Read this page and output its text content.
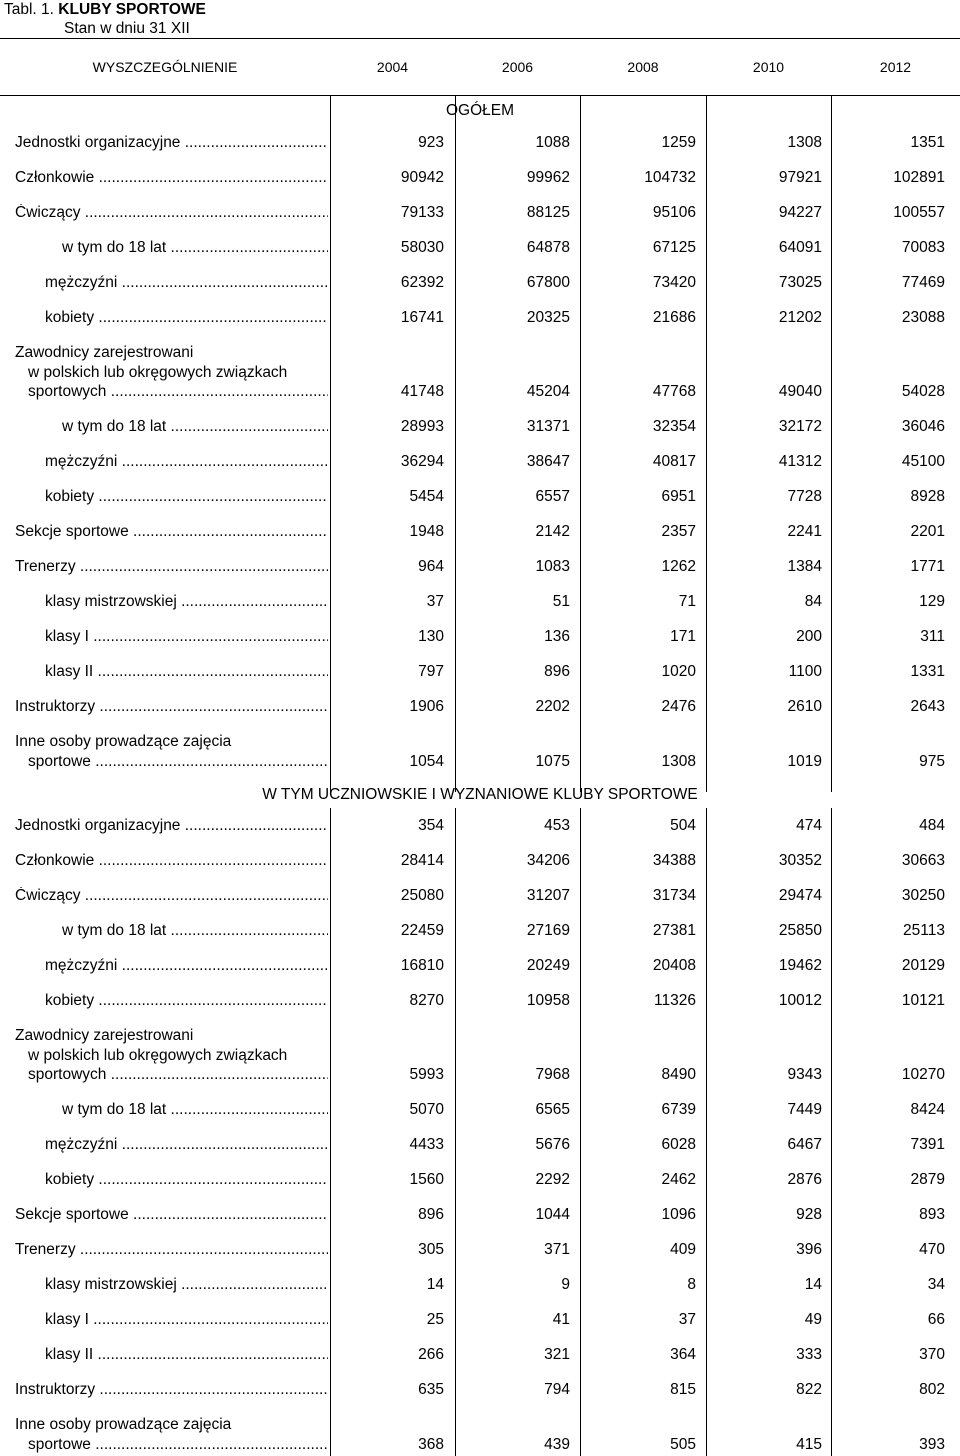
Tabl. 1. KLUBY SPORTOWE
Stan w dniu 31 XII
WYSZCZEGÓLNIENIE	2004	2006	2008	2010	2012
OGÓŁEM
Jednostki organizacyjne .....	923	1088	1259	1308	1351
Członkowie .....	90942	99962	104732	97921	102891
Ćwiczący .....	79133	88125	95106	94227	100557
w tym do 18 lat .....	58030	64878	67125	64091	70083
mężczyźni .....	62392	67800	73420	73025	77469
kobiety .....	16741	20325	21686	21202	23088
Zawodnicy zarejestrowani
w polskich lub okręgowych związkach
sportowych .....	41748	45204	47768	49040	54028
w tym do 18 lat .....	28993	31371	32354	32172	36046
mężczyźni .....	36294	38647	40817	41312	45100
kobiety .....	5454	6557	6951	7728	8928
Sekcje sportowe .....	1948	2142	2357	2241	2201
Trenerzy .....	964	1083	1262	1384	1771
klasy mistrzowskiej .....	37	51	71	84	129
klasy I .....	130	136	171	200	311
klasy II .....	797	896	1020	1100	1331
Instruktorzy .....	1906	2202	2476	2610	2643
Inne osoby prowadzące zajęcia
sportowe .....	1054	1075	1308	1019	975
W TYM UCZNIOWSKIE I WYZNANIOWE KLUBY SPORTOWE
Jednostki organizacyjne .....	354	453	504	474	484
Członkowie .....	28414	34206	34388	30352	30663
Ćwiczący .....	25080	31207	31734	29474	30250
w tym do 18 lat .....	22459	27169	27381	25850	25113
mężczyźni .....	16810	20249	20408	19462	20129
kobiety .....	8270	10958	11326	10012	10121
Zawodnicy zarejestrowani
w polskich lub okręgowych związkach
sportowych .....	5993	7968	8490	9343	10270
w tym do 18 lat .....	5070	6565	6739	7449	8424
mężczyźni .....	4433	5676	6028	6467	7391
kobiety .....	1560	2292	2462	2876	2879
Sekcje sportowe .....	896	1044	1096	928	893
Trenerzy .....	305	371	409	396	470
klasy mistrzowskiej .....	14	9	8	14	34
klasy I .....	25	41	37	49	66
klasy II .....	266	321	364	333	370
Instruktorzy .....	635	794	815	822	802
Inne osoby prowadzące zajęcia
sportowe .....	368	439	505	415	393
